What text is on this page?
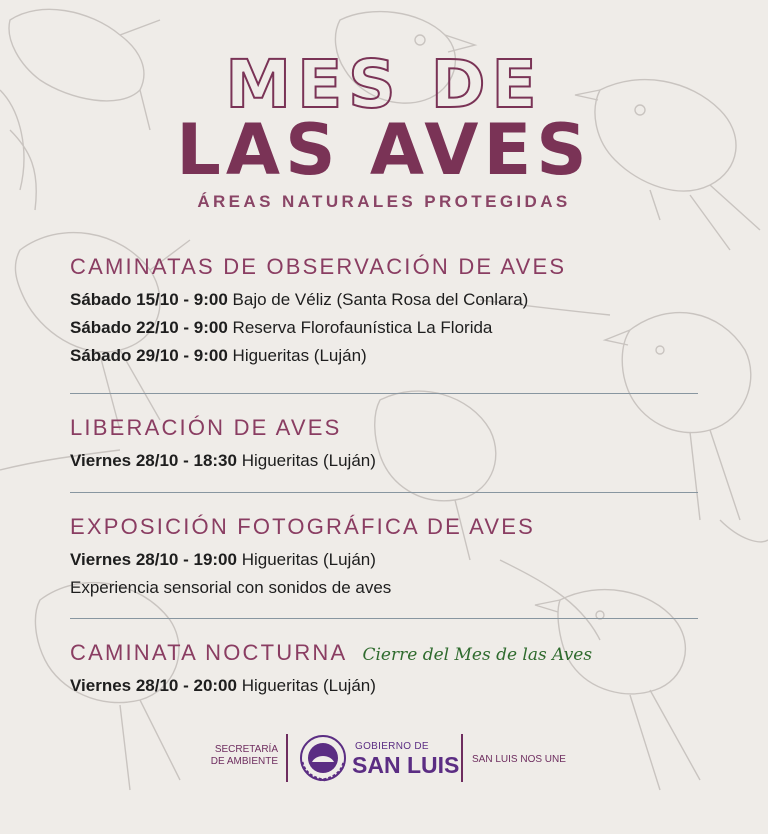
MES DE
LAS AVES
ÁREAS NATURALES PROTEGIDAS
CAMINATAS DE OBSERVACIÓN DE AVES
Sábado 15/10 - 9:00 Bajo de Véliz (Santa Rosa del Conlara)
Sábado 22/10 - 9:00 Reserva Florofaunística La Florida
Sábado 29/10 - 9:00 Higueritas (Luján)
LIBERACIÓN DE AVES
Viernes 28/10 - 18:30 Higueritas (Luján)
EXPOSICIÓN FOTOGRÁFICA DE AVES
Viernes 28/10 - 19:00 Higueritas (Luján)
Experiencia sensorial con sonidos de aves
CAMINATA NOCTURNA Cierre del Mes de las Aves
Viernes 28/10 - 20:00 Higueritas (Luján)
SECRETARÍA
DE AMBIENTE
GOBIERNO DE
SAN LUIS SAN LUIS NOS UNE
